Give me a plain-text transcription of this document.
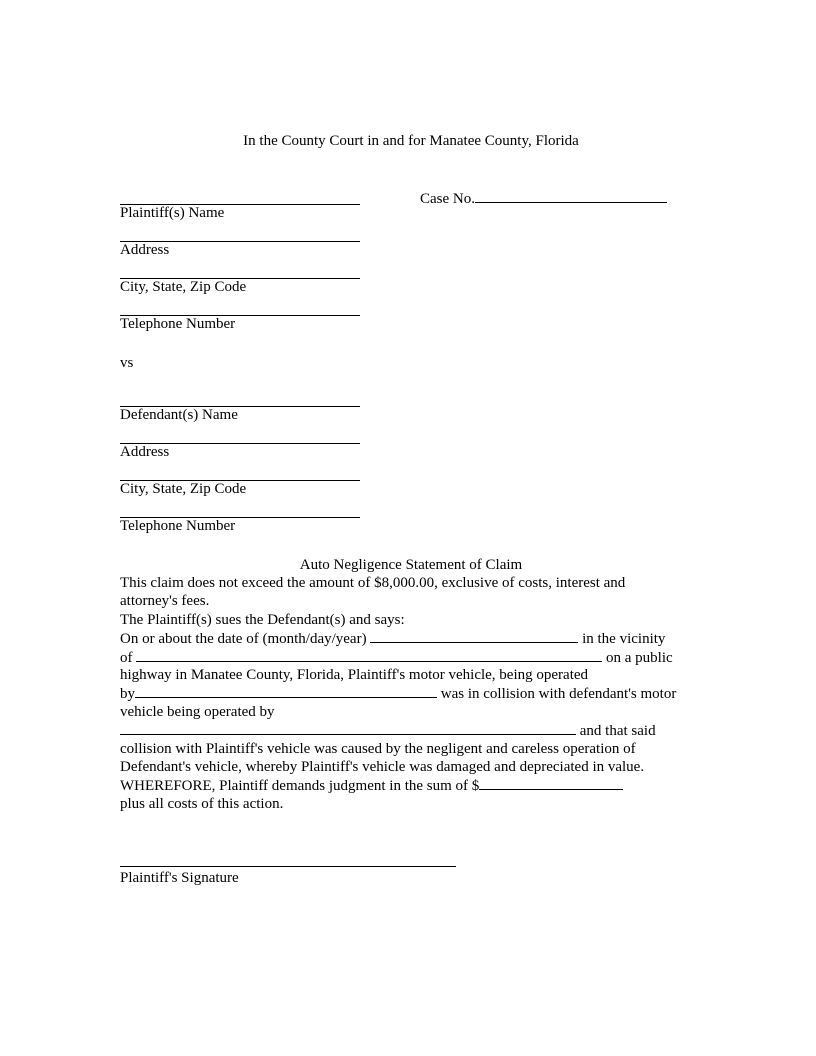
In the County Court in and for Manatee County, Florida
Plaintiff(s) Name
Address
City, State, Zip Code
Telephone Number
Case No.
vs
Defendant(s) Name
Address
City, State, Zip Code
Telephone Number
Auto Negligence Statement of Claim
This claim does not exceed the amount of $8,000.00, exclusive of costs, interest and
attorney's fees.
The Plaintiff(s) sues the Defendant(s) and says:
On or about the date of (month/day/year)	in the vicinity
of	on a public
highway in Manatee County, Florida, Plaintiff's motor vehicle, being operated
by	was in collision with defendant's motor
vehicle being operated by
and that said
collision with Plaintiff's vehicle was caused by the negligent and careless operation of
Defendant's vehicle, whereby Plaintiff's vehicle was damaged and depreciated in value.
WHEREFORE, Plaintiff demands judgment in the sum of $
plus all costs of this action.
Plaintiff's Signature
